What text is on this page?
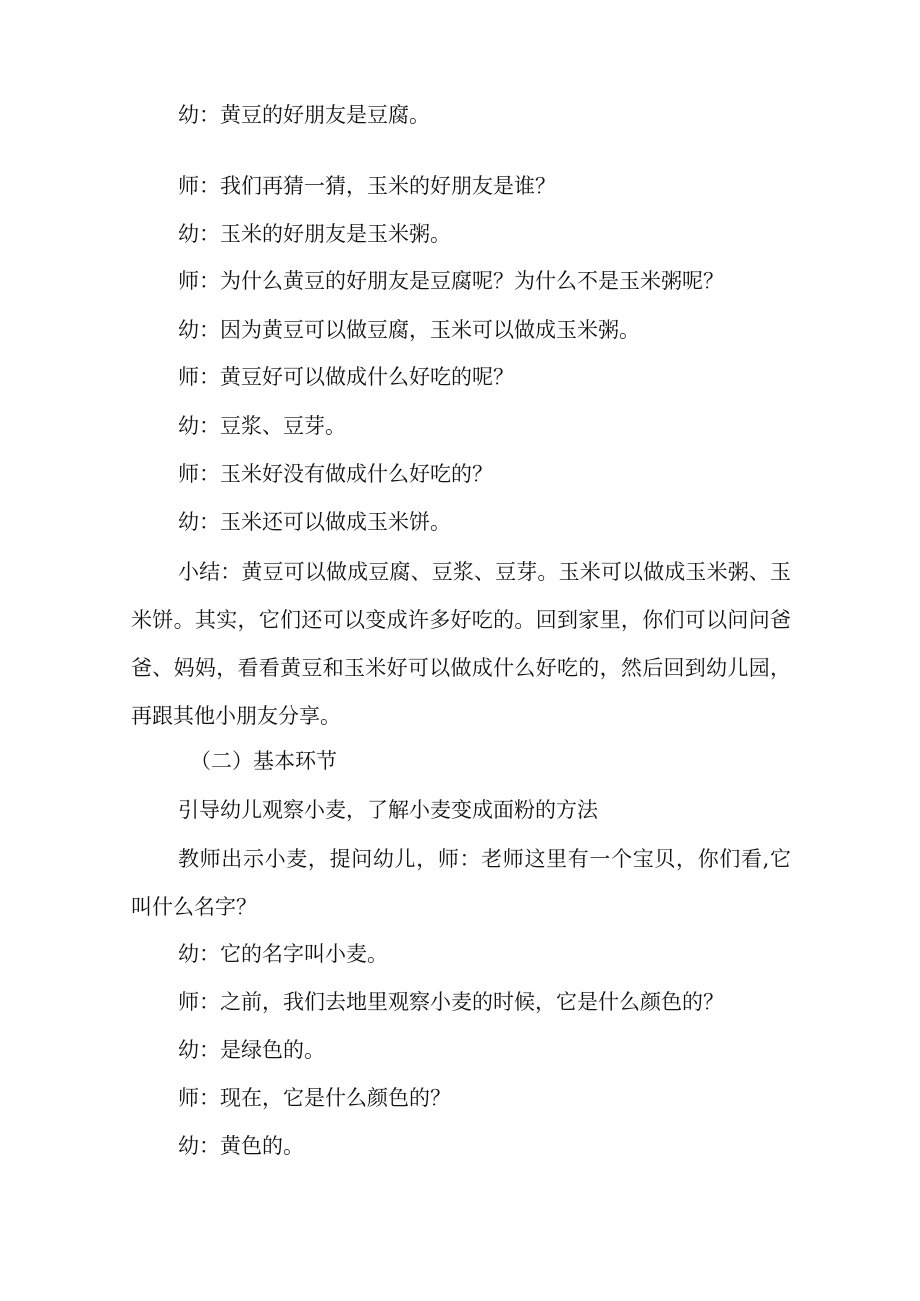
幼：黄豆的好朋友是豆腐。
师：我们再猜一猜，玉米的好朋友是谁？
幼：玉米的好朋友是玉米粥。
师：为什么黄豆的好朋友是豆腐呢？为什么不是玉米粥呢？
幼：因为黄豆可以做豆腐，玉米可以做成玉米粥。
师：黄豆好可以做成什么好吃的呢？
幼：豆浆、豆芽。
师：玉米好没有做成什么好吃的？
幼：玉米还可以做成玉米饼。
小结：黄豆可以做成豆腐、豆浆、豆芽。玉米可以做成玉米粥、玉米饼。其实，它们还可以变成许多好吃的。回到家里，你们可以问问爸爸、妈妈，看看黄豆和玉米好可以做成什么好吃的，然后回到幼儿园，再跟其他小朋友分享。
（二）基本环节
引导幼儿观察小麦，了解小麦变成面粉的方法
教师出示小麦，提问幼儿，师：老师这里有一个宝贝，你们看,它叫什么名字？
幼：它的名字叫小麦。
师：之前，我们去地里观察小麦的时候，它是什么颜色的？
幼：是绿色的。
师：现在，它是什么颜色的？
幼：黄色的。
